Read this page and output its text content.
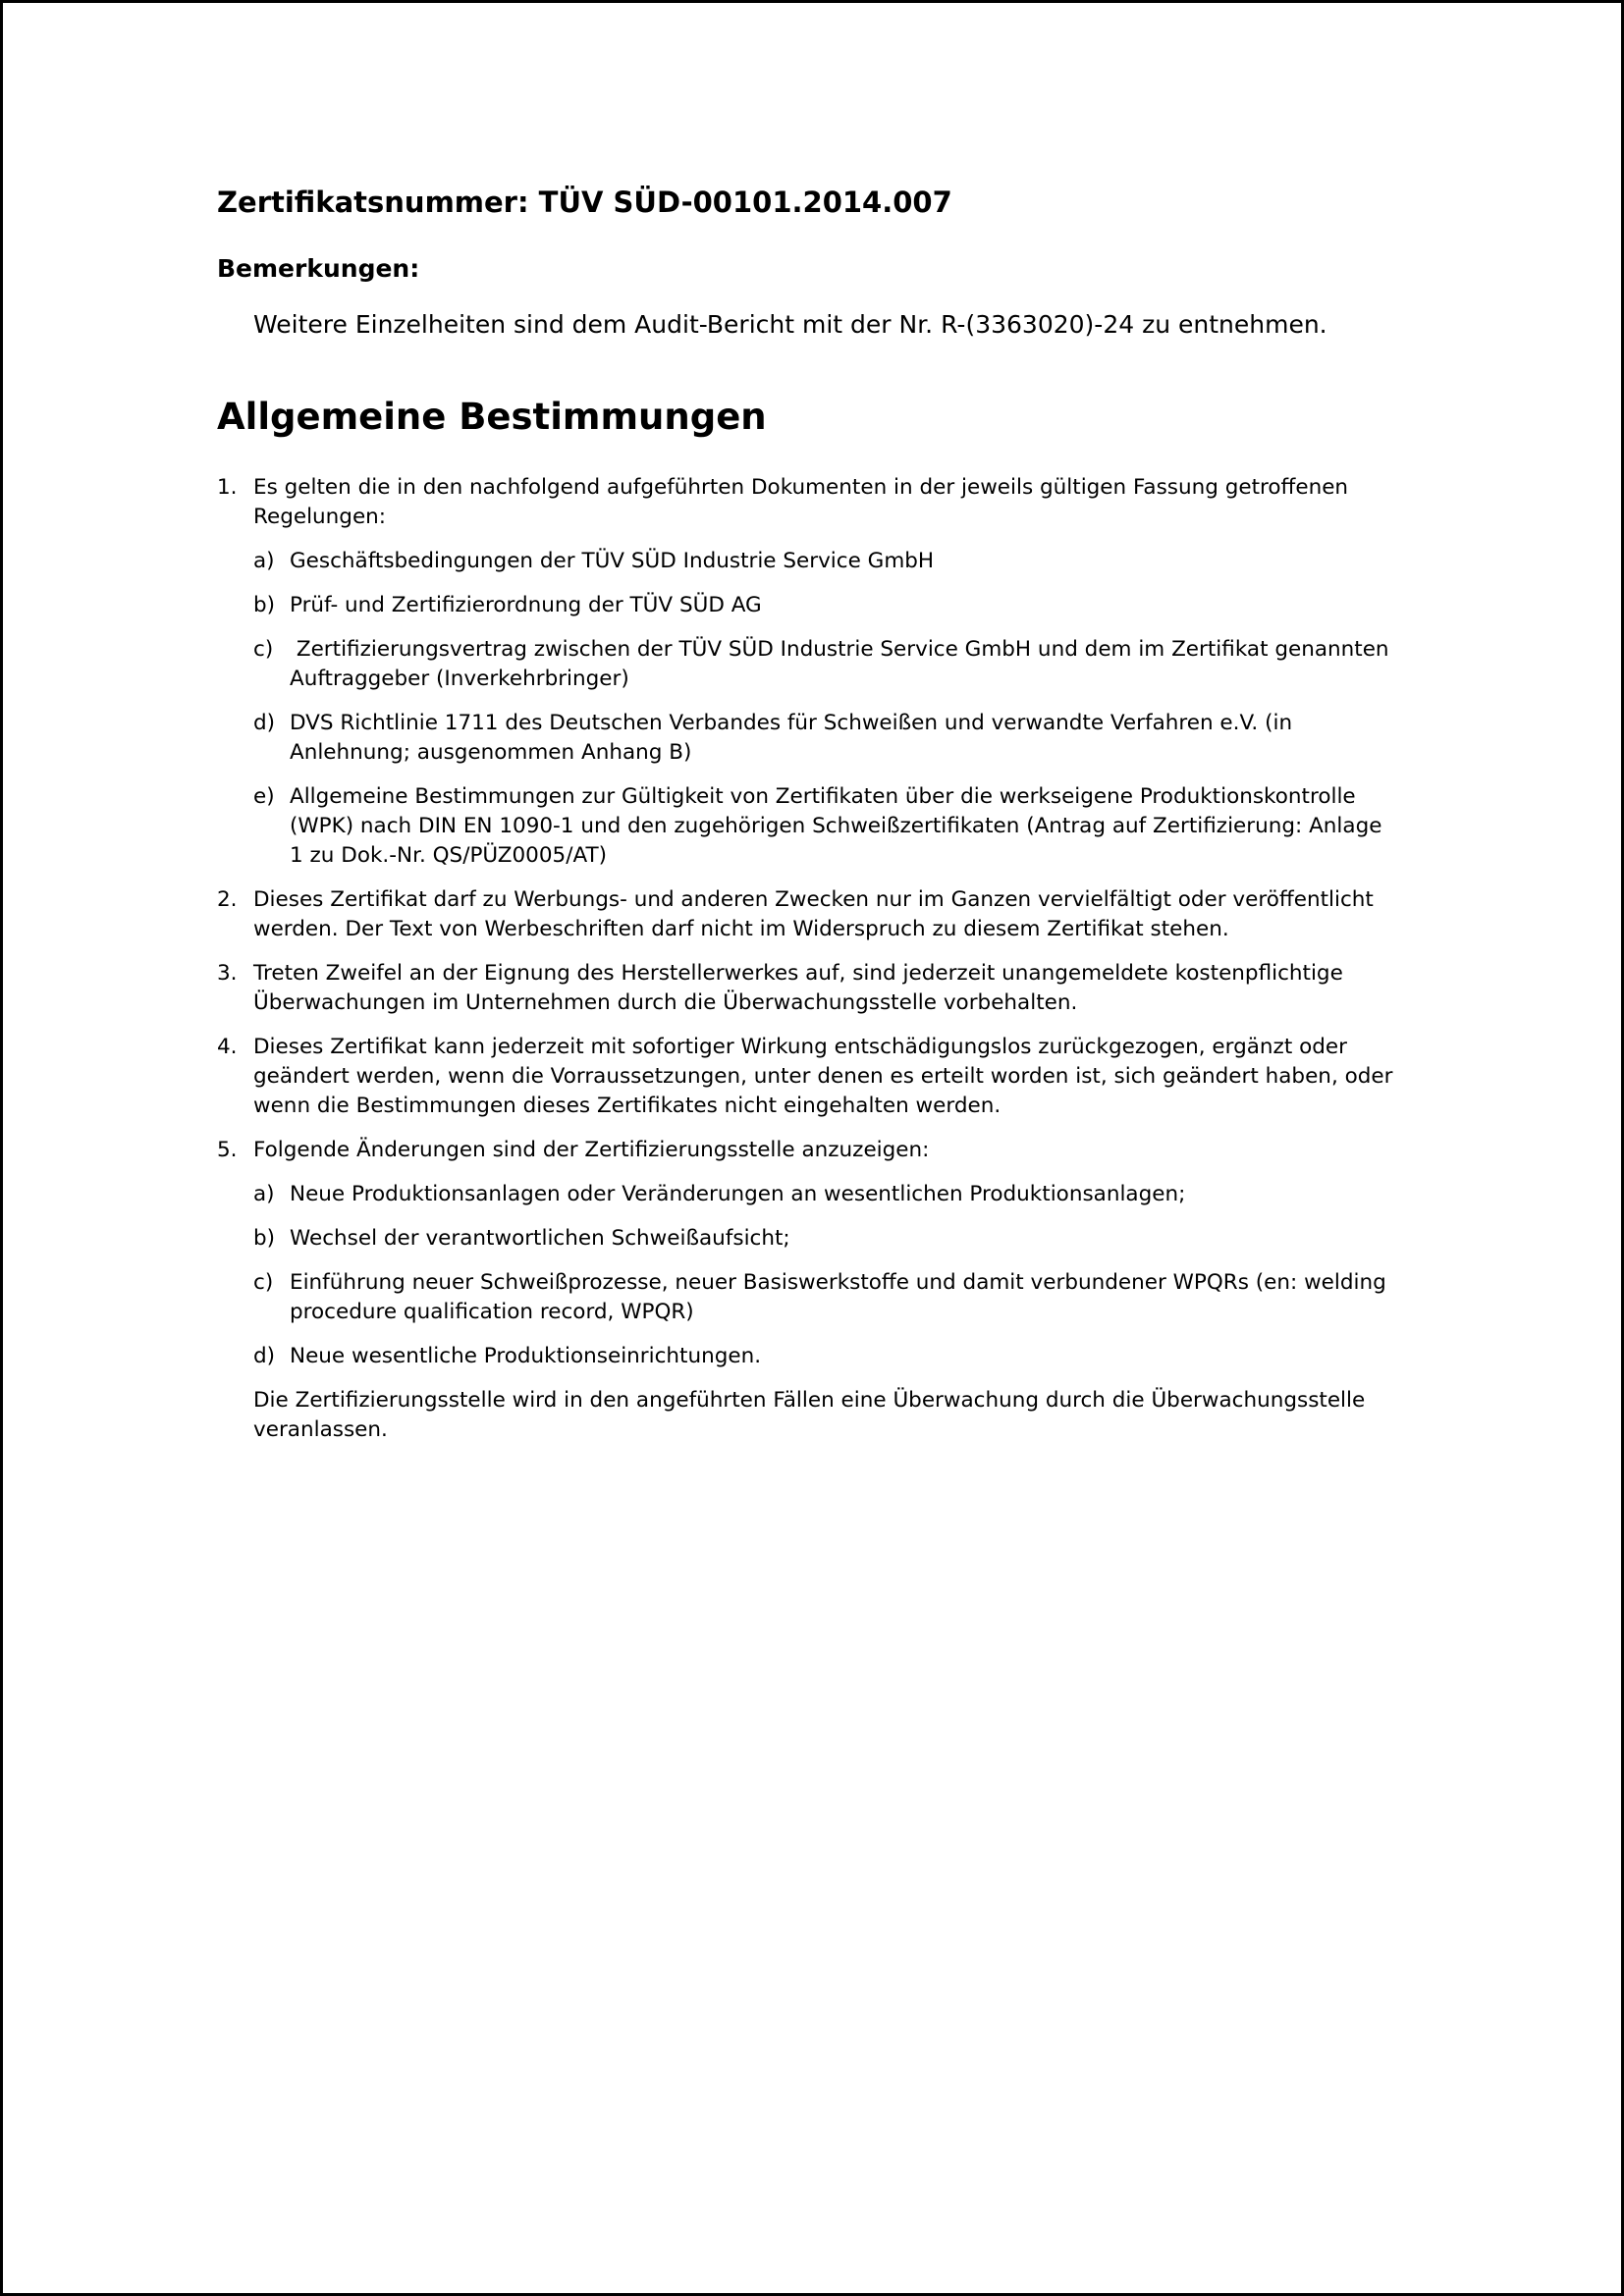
Zertifikatsnummer: TÜV SÜD-00101.2014.007
Bemerkungen:
Weitere Einzelheiten sind dem Audit-Bericht mit der Nr. R-(3363020)-24 zu entnehmen.
Allgemeine Bestimmungen
1. Es gelten die in den nachfolgend aufgeführten Dokumenten in der jeweils gültigen Fassung getroffenen Regelungen:
a) Geschäftsbedingungen der TÜV SÜD Industrie Service GmbH
b) Prüf- und Zertifizierordnung der TÜV SÜD AG
c) Zertifizierungsvertrag zwischen der TÜV SÜD Industrie Service GmbH und dem im Zertifikat genannten Auftraggeber (Inverkehrbringer)
d) DVS Richtlinie 1711 des Deutschen Verbandes für Schweißen und verwandte Verfahren e.V. (in Anlehnung; ausgenommen Anhang B)
e) Allgemeine Bestimmungen zur Gültigkeit von Zertifikaten über die werkseigene Produktionskontrolle (WPK) nach DIN EN 1090-1 und den zugehörigen Schweißzertifikaten (Antrag auf Zertifizierung: Anlage 1 zu Dok.-Nr. QS/PÜZ0005/AT)
2. Dieses Zertifikat darf zu Werbungs- und anderen Zwecken nur im Ganzen vervielfältigt oder veröffentlicht werden. Der Text von Werbeschriften darf nicht im Widerspruch zu diesem Zertifikat stehen.
3. Treten Zweifel an der Eignung des Herstellerwerkes auf, sind jederzeit unangemeldete kostenpflichtige Überwachungen im Unternehmen durch die Überwachungsstelle vorbehalten.
4. Dieses Zertifikat kann jederzeit mit sofortiger Wirkung entschädigungslos zurückgezogen, ergänzt oder geändert werden, wenn die Vorraussetzungen, unter denen es erteilt worden ist, sich geändert haben, oder wenn die Bestimmungen dieses Zertifikates nicht eingehalten werden.
5. Folgende Änderungen sind der Zertifizierungsstelle anzuzeigen:
a) Neue Produktionsanlagen oder Veränderungen an wesentlichen Produktionsanlagen;
b) Wechsel der verantwortlichen Schweißaufsicht;
c) Einführung neuer Schweißprozesse, neuer Basiswerkstoffe und damit verbundener WPQRs (en: welding procedure qualification record, WPQR)
d) Neue wesentliche Produktionseinrichtungen.
Die Zertifizierungsstelle wird in den angeführten Fällen eine Überwachung durch die Überwachungsstelle veranlassen.
